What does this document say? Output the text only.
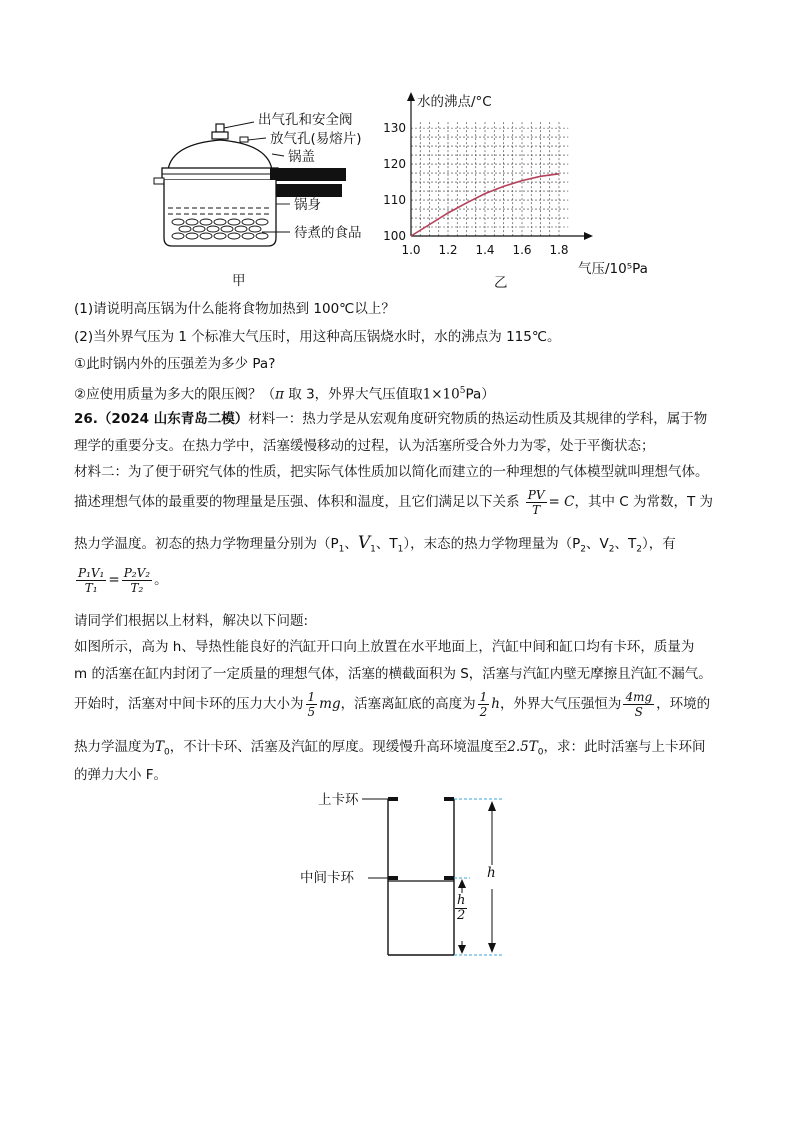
出气孔和安全阀
放气孔(易熔片)
锅盖
锅身
待煮的食品
甲
1.0 1.2 1.4 1.6 1.8
100
110
120
130
水的沸点/°C
气压/10⁵Pa
乙
(1)请说明高压锅为什么能将食物加热到 100℃以上？
(2)当外界气压为 1 个标准大气压时，用这种高压锅烧水时，水的沸点为 115℃。
①此时锅内外的压强差为多少 Pa?
②应使用质量为多大的限压阀？（π 取 3，外界大气压值取$1\times 10^5Pa$）
26.（2024 山东青岛二模）材料一：热力学是从宏观角度研究物质的热运动性质及其规律的学科，属于物
理学的重要分支。在热力学中，活塞缓慢移动的过程，认为活塞所受合外力为零，处于平衡状态；
材料二：为了便于研究气体的性质，把实际气体性质加以简化而建立的一种理想的气体模型就叫理想气体。
描述理想气体的最重要的物理量是压强、体积和温度，且它们满足以下关系 $\frac{PV}{T} = C$，其中 C 为常数，T 为
热力学温度。初态的热力学物理量分别为（$P_1$、$V_1$、$T_1$），末态的热力学物理量为（$P_2$、$V_2$、$T_2$），有
$\frac{\text{P₁V₁}}{\text{T₁}} = \frac{\text{P₂V₂}}{\text{T₂}}$ 。
请同学们根据以上材料，解决以下问题:
如图所示，高为 h、导热性能良好的汽缸开口向上放置在水平地面上，汽缸中间和缸口均有卡环，质量为
m 的活塞在缸内封闭了一定质量的理想气体，活塞的横截面积为 S，活塞与汽缸内壁无摩擦且汽缸不漏气。
开始时，活塞对中间卡环的压力大小为 $\frac{1}{5}$ mg，活塞离缸底的高度为 $\frac{1}{2}$ h，外界大气压强恒为 $\frac{4mg}{S}$ ，环境的
热力学温度为$T_0$，不计卡环、活塞及汽缸的厚度。现缓慢升高环境温度至$2.5T_0$，求：此时活塞与上卡环间
的弹力大小 F。
上卡环
中间卡环	h
$\frac{h}{2}$
